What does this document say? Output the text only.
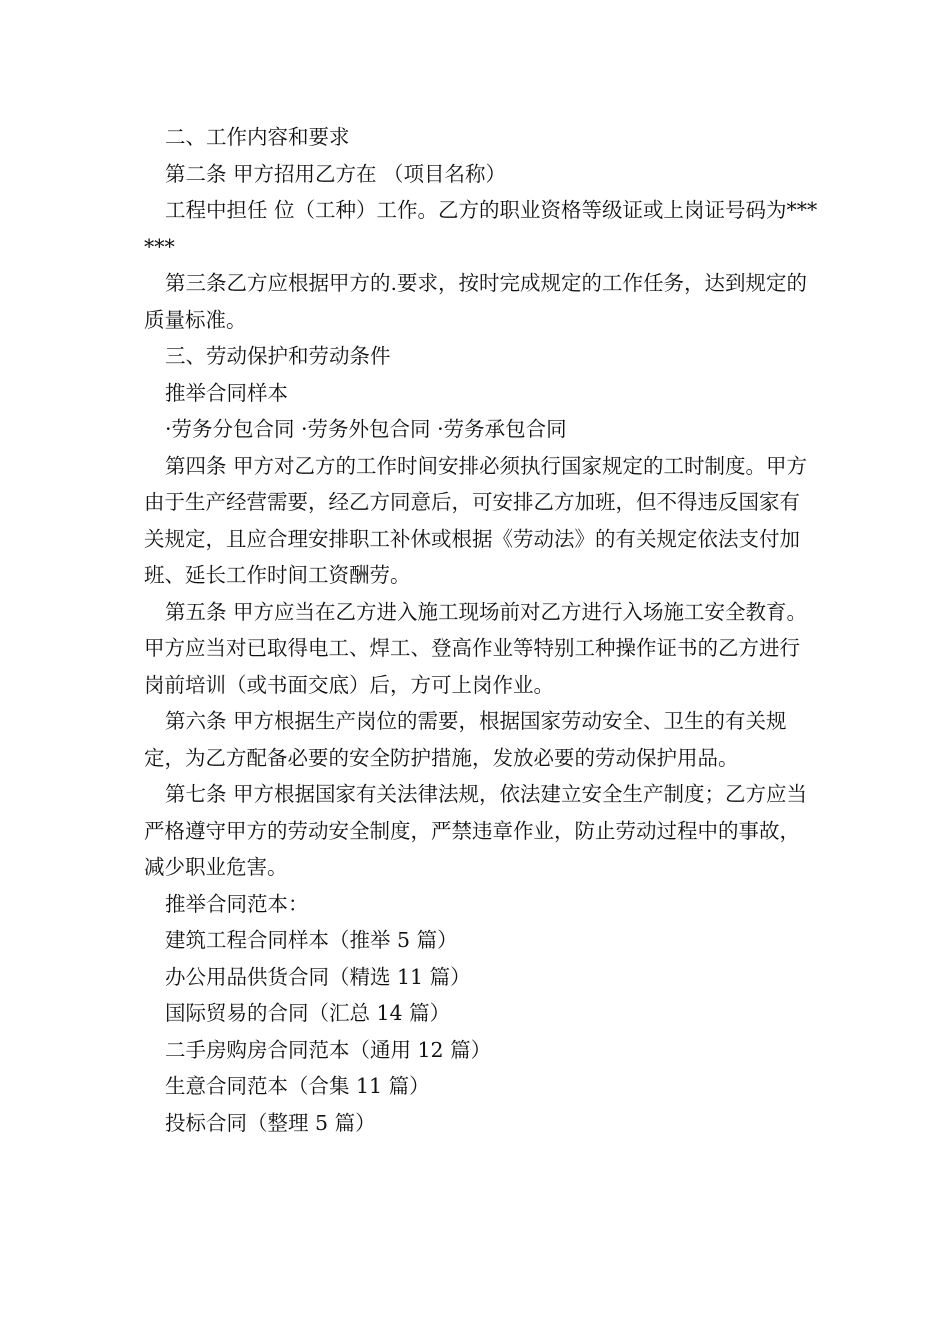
二、工作内容和要求

第二条 甲方招用乙方在 （项目名称）

工程中担任 位（工种）工作。乙方的职业资格等级证或上岗证号码为******

第三条乙方应根据甲方的.要求，按时完成规定的工作任务，达到规定的质量标准。

三、劳动保护和劳动条件

推举合同样本

·劳务分包合同 ·劳务外包合同 ·劳务承包合同

第四条 甲方对乙方的工作时间安排必须执行国家规定的工时制度。甲方由于生产经营需要，经乙方同意后，可安排乙方加班，但不得违反国家有关规定，且应合理安排职工补休或根据《劳动法》的有关规定依法支付加班、延长工作时间工资酬劳。

第五条 甲方应当在乙方进入施工现场前对乙方进行入场施工安全教育。甲方应当对已取得电工、焊工、登高作业等特别工种操作证书的乙方进行岗前培训（或书面交底）后，方可上岗作业。

第六条 甲方根据生产岗位的需要，根据国家劳动安全、卫生的有关规定，为乙方配备必要的安全防护措施，发放必要的劳动保护用品。

第七条 甲方根据国家有关法律法规，依法建立安全生产制度；乙方应当严格遵守甲方的劳动安全制度，严禁违章作业，防止劳动过程中的事故，减少职业危害。

推举合同范本：

建筑工程合同样本（推举 5 篇）

办公用品供货合同（精选 11 篇）

国际贸易的合同（汇总 14 篇）

二手房购房合同范本（通用 12 篇）

生意合同范本（合集 11 篇）

投标合同（整理 5 篇）
